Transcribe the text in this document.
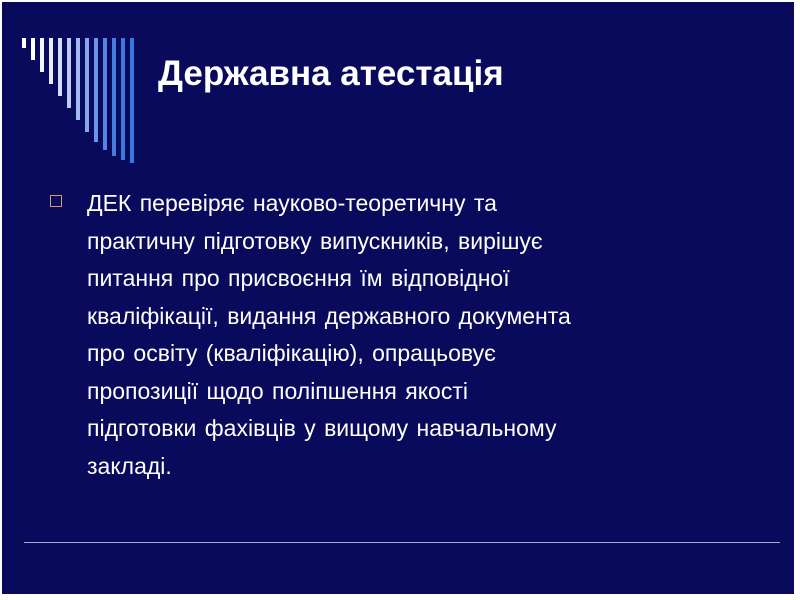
Державна атестація

ДЕК перевіряє науково-теоретичну та
практичну підготовку випускників, вирішує
питання про присвоєння їм відповідної
кваліфікації, видання державного документа
про освіту (кваліфікацію), опрацьовує
пропозиції щодо поліпшення якості
підготовки фахівців у вищому навчальному
закладі.
